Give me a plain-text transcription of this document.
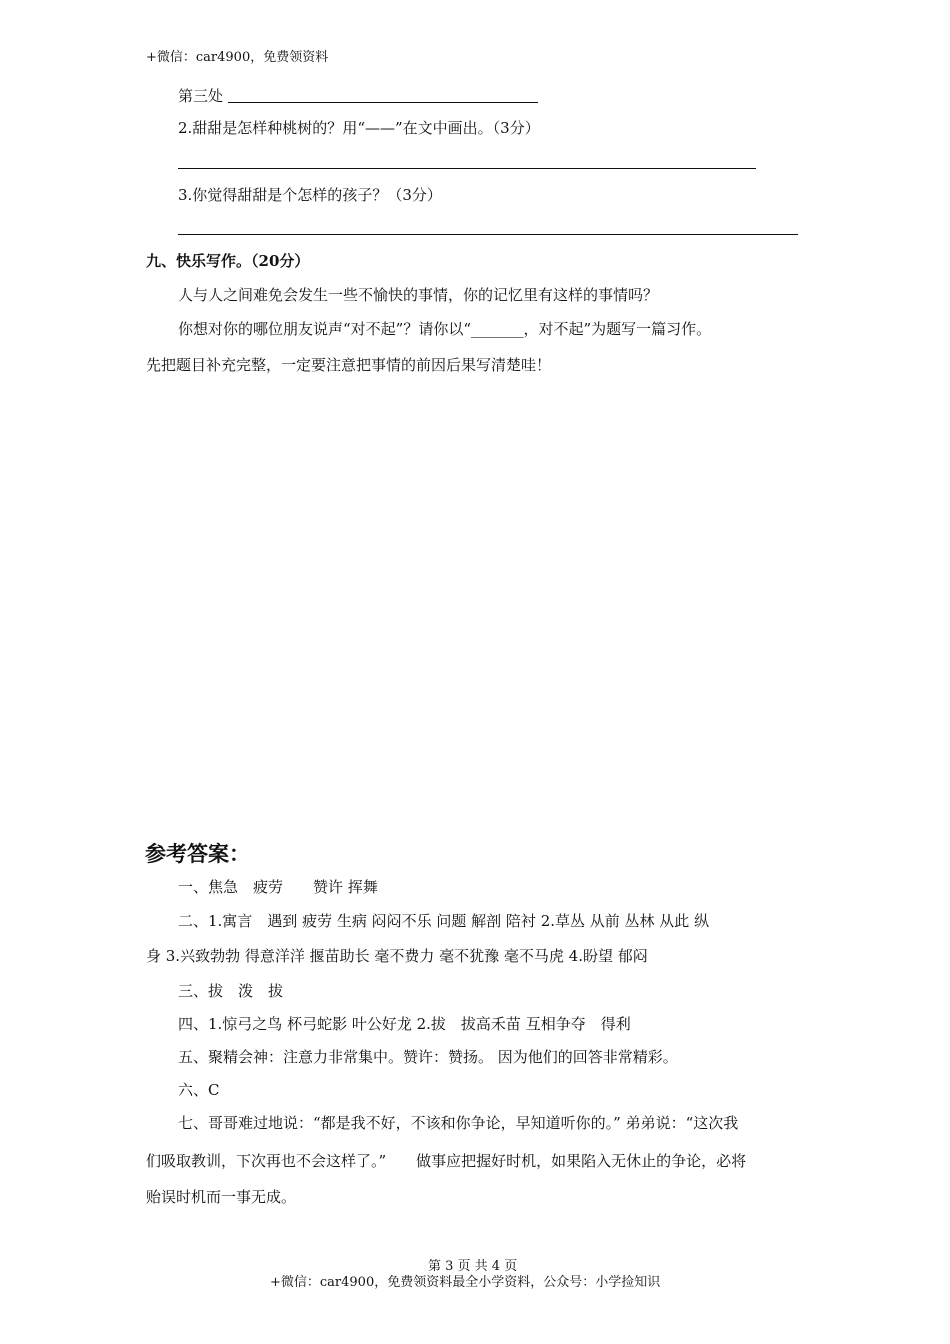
+微信：car4900，免费领资料
第三处
2.甜甜是怎样种桃树的？用“——”在文中画出。（3分）
3.你觉得甜甜是个怎样的孩子？（3分）
九、快乐写作。（20分）
人与人之间难免会发生一些不愉快的事情，你的记忆里有这样的事情吗？
你想对你的哪位朋友说声“对不起”？请你以“_______，对不起”为题写一篇习作。
先把题目补充完整，一定要注意把事情的前因后果写清楚哇！
参考答案：
一、焦急　疲劳　　赞许 挥舞
二、1.寓言　遇到 疲劳 生病 闷闷不乐 问题 解剖 陪衬 2.草丛 从前 丛林 从此 纵
身 3.兴致勃勃 得意洋洋 揠苗助长 毫不费力 毫不犹豫 毫不马虎 4.盼望 郁闷
三、拔　泼　拔
四、1.惊弓之鸟 杯弓蛇影 叶公好龙 2.拔　拔高禾苗 互相争夺　得利
五、聚精会神：注意力非常集中。赞许：赞扬。 因为他们的回答非常精彩。
六、C
七、哥哥难过地说：“都是我不好，不该和你争论，早知道听你的。” 弟弟说：“这次我
们吸取教训，下次再也不会这样了。”　　做事应把握好时机，如果陷入无休止的争论，必将
贻误时机而一事无成。
第 3 页 共 4 页
+微信：car4900，免费领资料最全小学资料，公众号：小学捡知识
